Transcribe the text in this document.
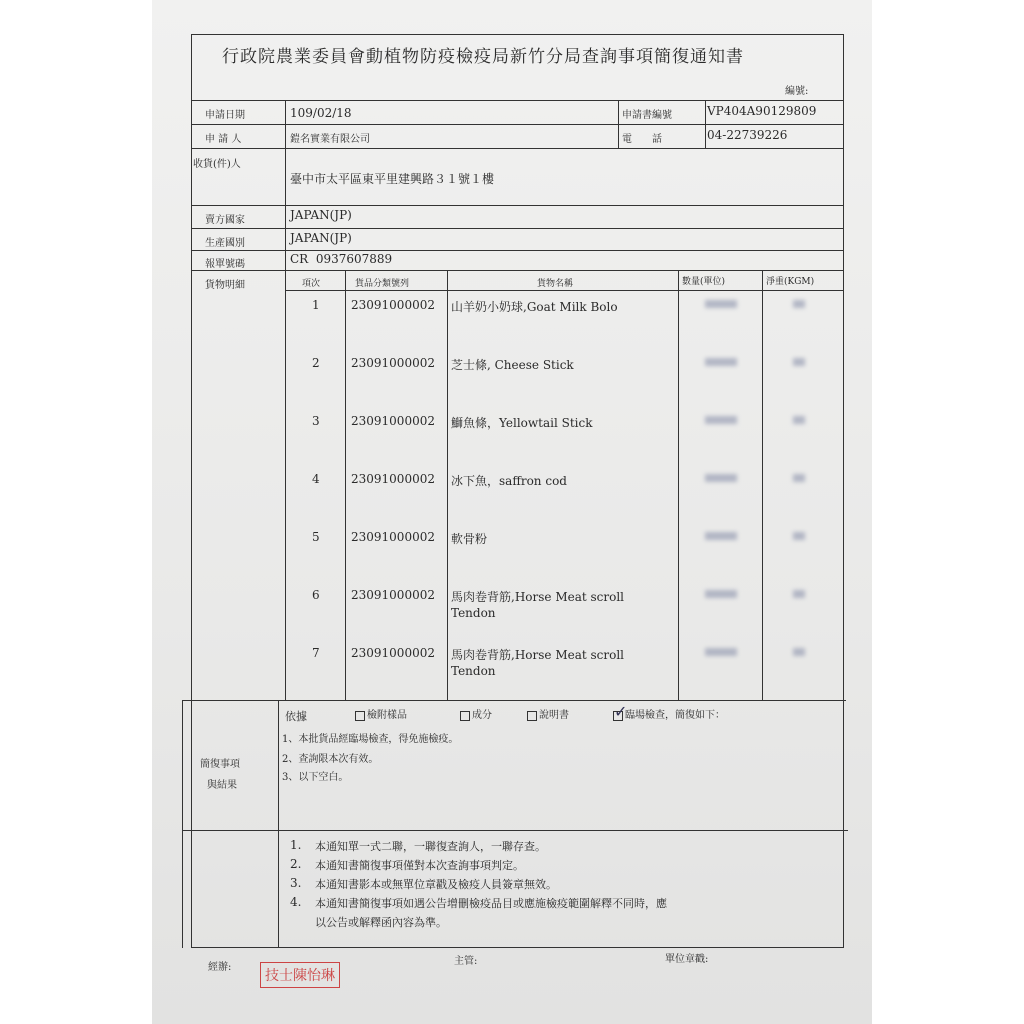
行政院農業委員會動植物防疫檢疫局新竹分局查詢事項簡復通知書
編號:
申請日期	109/02/18	申請書編號	VP404A90129809
申 請 人	鎧名實業有限公司	電　　話	04-22739226
收貨(件)人
臺中市太平區東平里建興路３１號１樓
賣方國家	JAPAN(JP)
生產國別	JAPAN(JP)
報單號碼	CR  0937607889
貨物明細	項次	貨品分類號列	貨物名稱	數量(單位)	淨重(KGM)
1	23091000002 山羊奶小奶球,Goat Milk Bolo
2	23091000002 芝士條, Cheese Stick
3	23091000002 鰤魚條，Yellowtail Stick
4	23091000002 冰下魚，saffron cod
5	23091000002 軟骨粉
6	23091000002 馬肉卷背筋,Horse Meat scroll
Tendon
7	23091000002 馬肉卷背筋,Horse Meat scroll
Tendon
簡復事項
與結果
依據	檢附樣品	成分	說明書	✓
臨場檢查，簡復如下：
1、本批貨品經臨場檢查，得免施檢疫。
2、查詢限本次有效。
3、以下空白。
1. 本通知單一式二聯，一聯復查詢人，一聯存查。
2. 本通知書簡復事項僅對本次查詢事項判定。
3. 本通知書影本或無單位章戳及檢疫人員簽章無效。
4. 本通知書簡復事項如遇公告增刪檢疫品目或應施檢疫範圍解釋不同時，應
以公告或解釋函內容為準。
經辦:
技士陳怡琳
主管:	單位章戳:
